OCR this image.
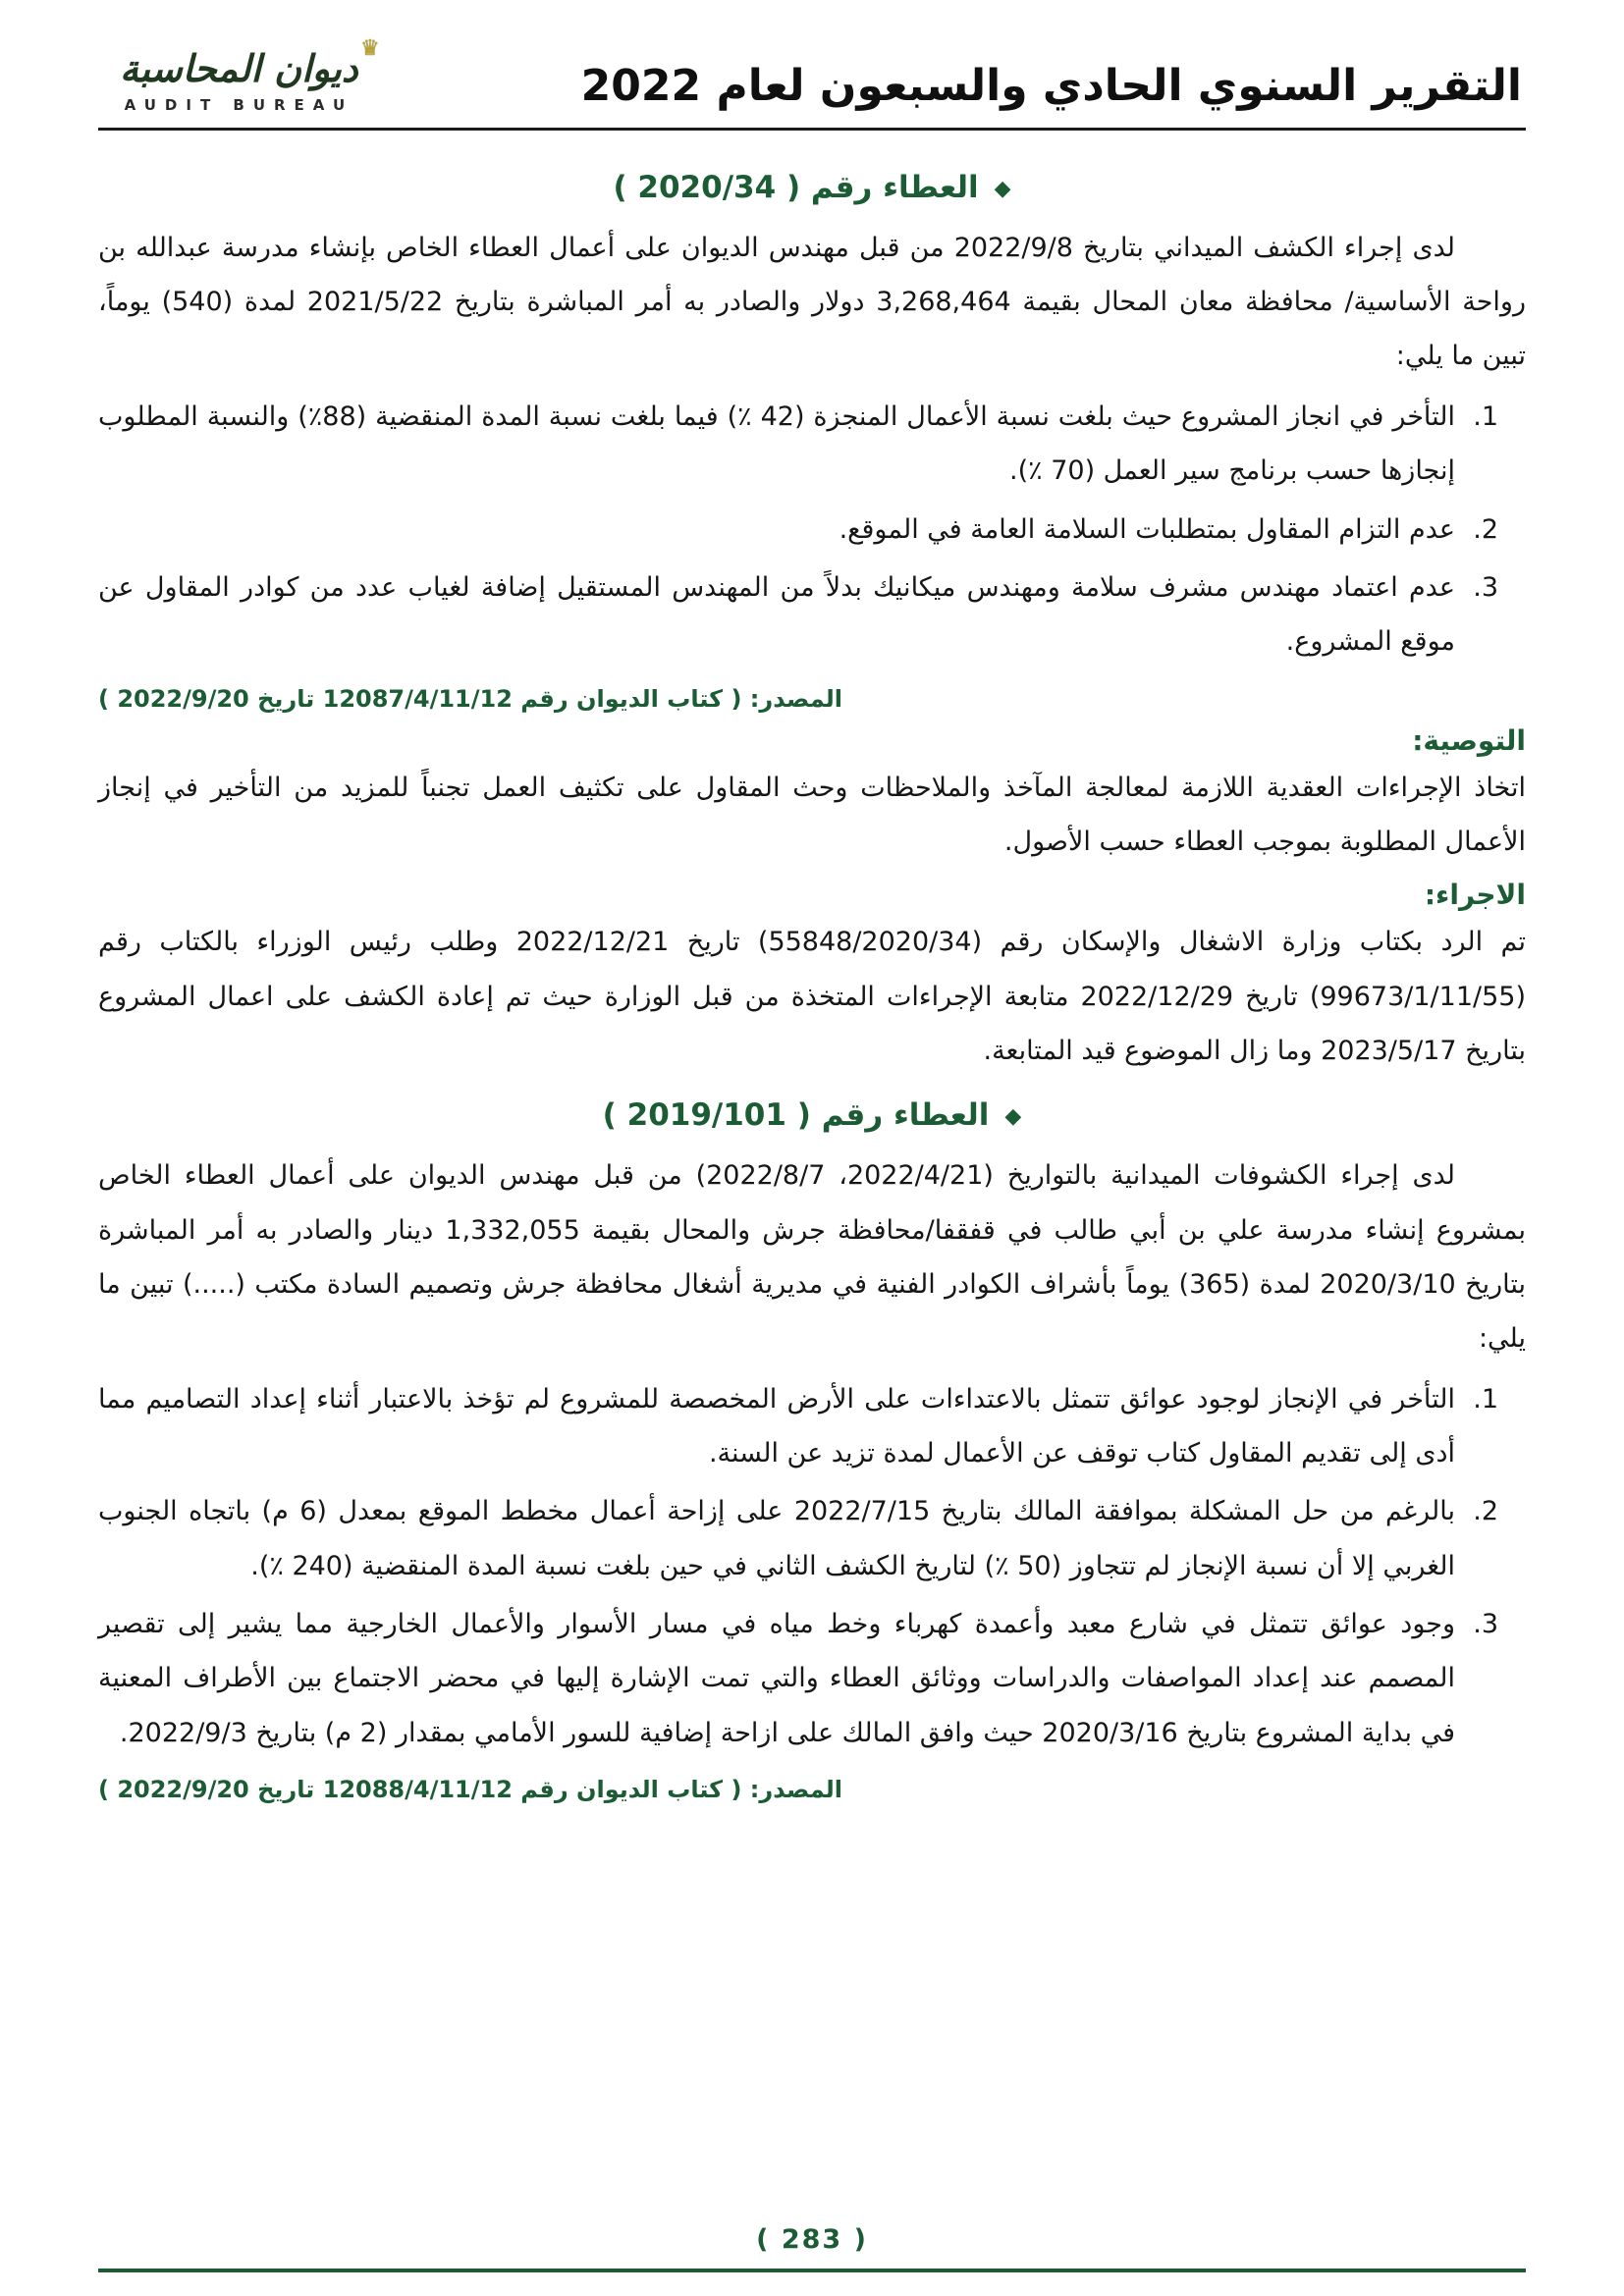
التقرير السنوي الحادي والسبعون لعام 2022
♛
ديوان المحاسبة
AUDIT BUREAU
◆العطاء رقم ( 2020/34 )

لدى إجراء الكشف الميداني بتاريخ 2022/9/8 من قبل مهندس الديوان على أعمال العطاء الخاص بإنشاء مدرسة عبدالله بن رواحة الأساسية/ محافظة معان المحال بقيمة 3,268,464 دولار والصادر به أمر المباشرة بتاريخ 2021/5/22 لمدة (540) يوماً، تبين ما يلي:

1.

التأخر في انجاز المشروع حيث بلغت نسبة الأعمال المنجزة (42 ٪) فيما بلغت نسبة المدة المنقضية (88٪) والنسبة المطلوب إنجازها حسب برنامج سير العمل (70 ٪).

2.

عدم التزام المقاول بمتطلبات السلامة العامة في الموقع.

3.

عدم اعتماد مهندس مشرف سلامة ومهندس ميكانيك بدلاً من المهندس المستقيل إضافة لغياب عدد من كوادر المقاول عن موقع المشروع.

المصدر: ( كتاب الديوان رقم 12087/4/11/12 تاريخ 2022/9/20 )
التوصية:

اتخاذ الإجراءات العقدية اللازمة لمعالجة المآخذ والملاحظات وحث المقاول على تكثيف العمل تجنباً للمزيد من التأخير في إنجاز الأعمال المطلوبة بموجب العطاء حسب الأصول.

الاجراء:

تم الرد بكتاب وزارة الاشغال والإسكان رقم (55848/2020/34) تاريخ 2022/12/21 وطلب رئيس الوزراء بالكتاب رقم (99673/1/11/55) تاريخ 2022/12/29 متابعة الإجراءات المتخذة من قبل الوزارة حيث تم إعادة الكشف على اعمال المشروع بتاريخ 2023/5/17 وما زال الموضوع قيد المتابعة.

◆العطاء رقم ( 2019/101 )

لدى إجراء الكشوفات الميدانية بالتواريخ (2022/4/21، 2022/8/7) من قبل مهندس الديوان على أعمال العطاء الخاص بمشروع إنشاء مدرسة علي بن أبي طالب في قفقفا/محافظة جرش والمحال بقيمة 1,332,055 دينار والصادر به أمر المباشرة بتاريخ 2020/3/10 لمدة (365) يوماً بأشراف الكوادر الفنية في مديرية أشغال محافظة جرش وتصميم السادة مكتب (.....) تبين ما يلي:

1.

التأخر في الإنجاز لوجود عوائق تتمثل بالاعتداءات على الأرض المخصصة للمشروع لم تؤخذ بالاعتبار أثناء إعداد التصاميم مما أدى إلى تقديم المقاول كتاب توقف عن الأعمال لمدة تزيد عن السنة.

2.

بالرغم من حل المشكلة بموافقة المالك بتاريخ 2022/7/15 على إزاحة أعمال مخطط الموقع بمعدل (6 م) باتجاه الجنوب الغربي إلا أن نسبة الإنجاز لم تتجاوز (50 ٪) لتاريخ الكشف الثاني في حين بلغت نسبة المدة المنقضية (240 ٪).

3.

وجود عوائق تتمثل في شارع معبد وأعمدة كهرباء وخط مياه في مسار الأسوار والأعمال الخارجية مما يشير إلى تقصير المصمم عند إعداد المواصفات والدراسات ووثائق العطاء والتي تمت الإشارة إليها في محضر الاجتماع بين الأطراف المعنية في بداية المشروع بتاريخ 2020/3/16 حيث وافق المالك على ازاحة إضافية للسور الأمامي بمقدار (2 م) بتاريخ 2022/9/3.

المصدر: ( كتاب الديوان رقم 12088/4/11/12 تاريخ 2022/9/20 )
( 283 )
